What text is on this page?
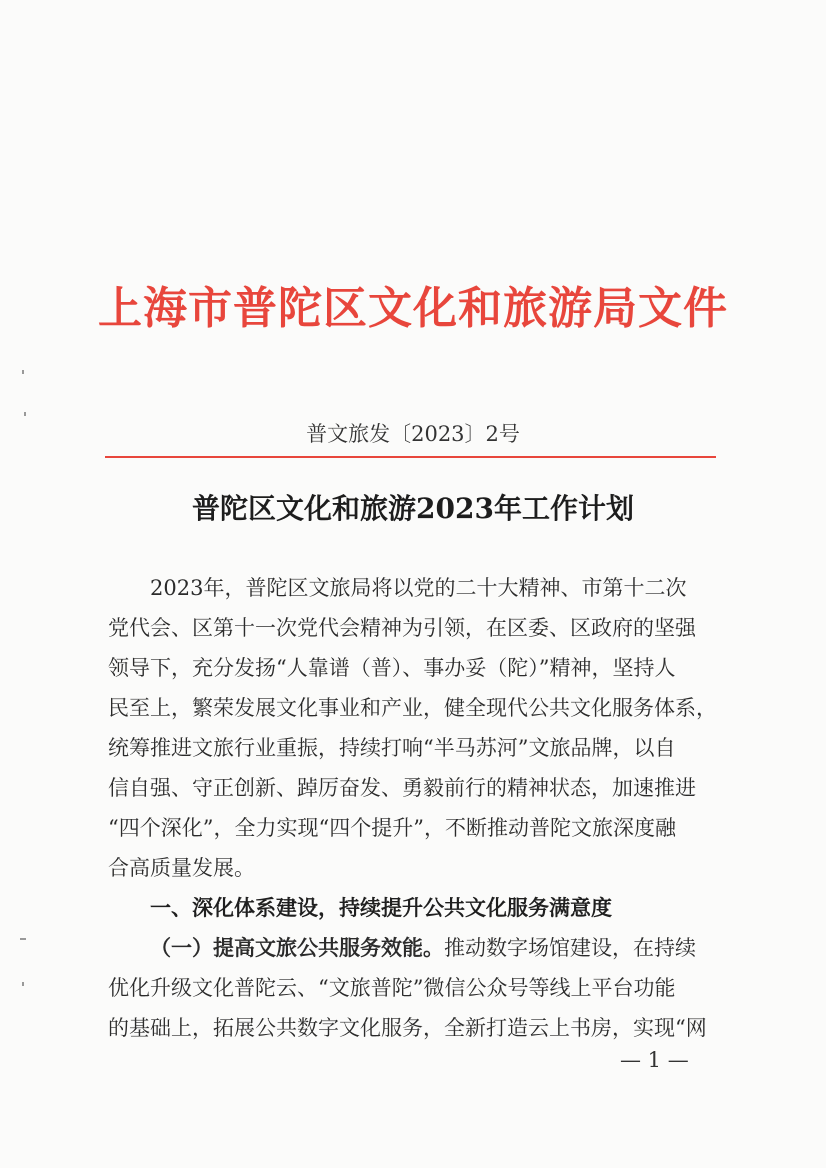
上海市普陀区文化和旅游局文件
普文旅发〔2023〕2号
普陀区文化和旅游2023年工作计划
2023年，普陀区文旅局将以党的二十大精神、市第十二次
党代会、区第十一次党代会精神为引领，在区委、区政府的坚强
领导下，充分发扬“人靠谱（普）、事办妥（陀）”精神，坚持人
民至上，繁荣发展文化事业和产业，健全现代公共文化服务体系，
统筹推进文旅行业重振，持续打响“半马苏河”文旅品牌，以自
信自强、守正创新、踔厉奋发、勇毅前行的精神状态，加速推进
“四个深化”，全力实现“四个提升”，不断推动普陀文旅深度融
合高质量发展。
一、深化体系建设，持续提升公共文化服务满意度
（一）提高文旅公共服务效能。推动数字场馆建设，在持续
优化升级文化普陀云、“文旅普陀”微信公众号等线上平台功能
的基础上，拓展公共数字文化服务，全新打造云上书房，实现“网
— 1 —
